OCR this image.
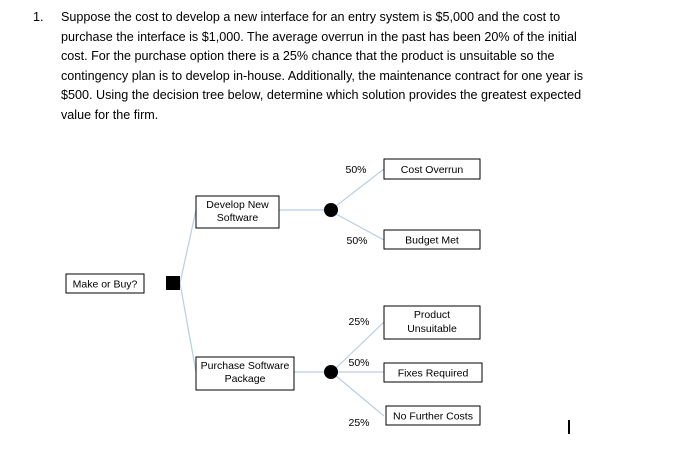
1. Suppose the cost to develop a new interface for an entry system is $5,000 and the cost to
purchase the interface is $1,000. The average overrun in the past has been 20% of the initial
cost. For the purchase option there is a 25% chance that the product is unsuitable so the
contingency plan is to develop in-house. Additionally, the maintenance contract for one year is
$500. Using the decision tree below, determine which solution provides the greatest expected
value for the firm.
Make or Buy?
Develop New
Software
Purchase Software
Package
50%	Cost Overrun
50%	Budget Met
25%
Product
Unsuitable
50%
Fixes Required
25%
No Further Costs
